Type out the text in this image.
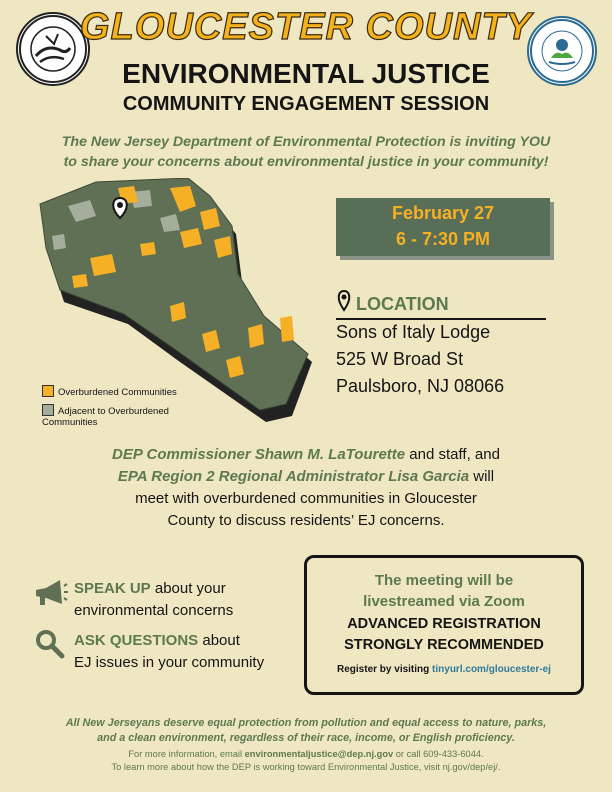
GLOUCESTER COUNTY
ENVIRONMENTAL JUSTICE
COMMUNITY ENGAGEMENT SESSION
The New Jersey Department of Environmental Protection is inviting YOU
to share your concerns about environmental justice in your community!
February 27
6 - 7:30 PM
LOCATION
Sons of Italy Lodge
525 W Broad St
Paulsboro, NJ 08066
Overburdened Communities
Adjacent to Overburdened
Communities
DEP Commissioner Shawn M. LaTourette and staff, and
EPA Region 2 Regional Administrator Lisa Garcia will
meet with overburdened communities in Gloucester
County to discuss residents’ EJ concerns.
SPEAK UP about your
environmental concerns
ASK QUESTIONS about
EJ issues in your community
The meeting will be
livestreamed via Zoom
ADVANCED REGISTRATION
STRONGLY RECOMMENDED
Register by visiting tinyurl.com/gloucester-ej
All New Jerseyans deserve equal protection from pollution and equal access to nature, parks,
and a clean environment, regardless of their race, income, or English proficiency.
For more information, email environmentaljustice@dep.nj.gov or call 609-433-6044.
To learn more about how the DEP is working toward Environmental Justice, visit nj.gov/dep/ej/.
